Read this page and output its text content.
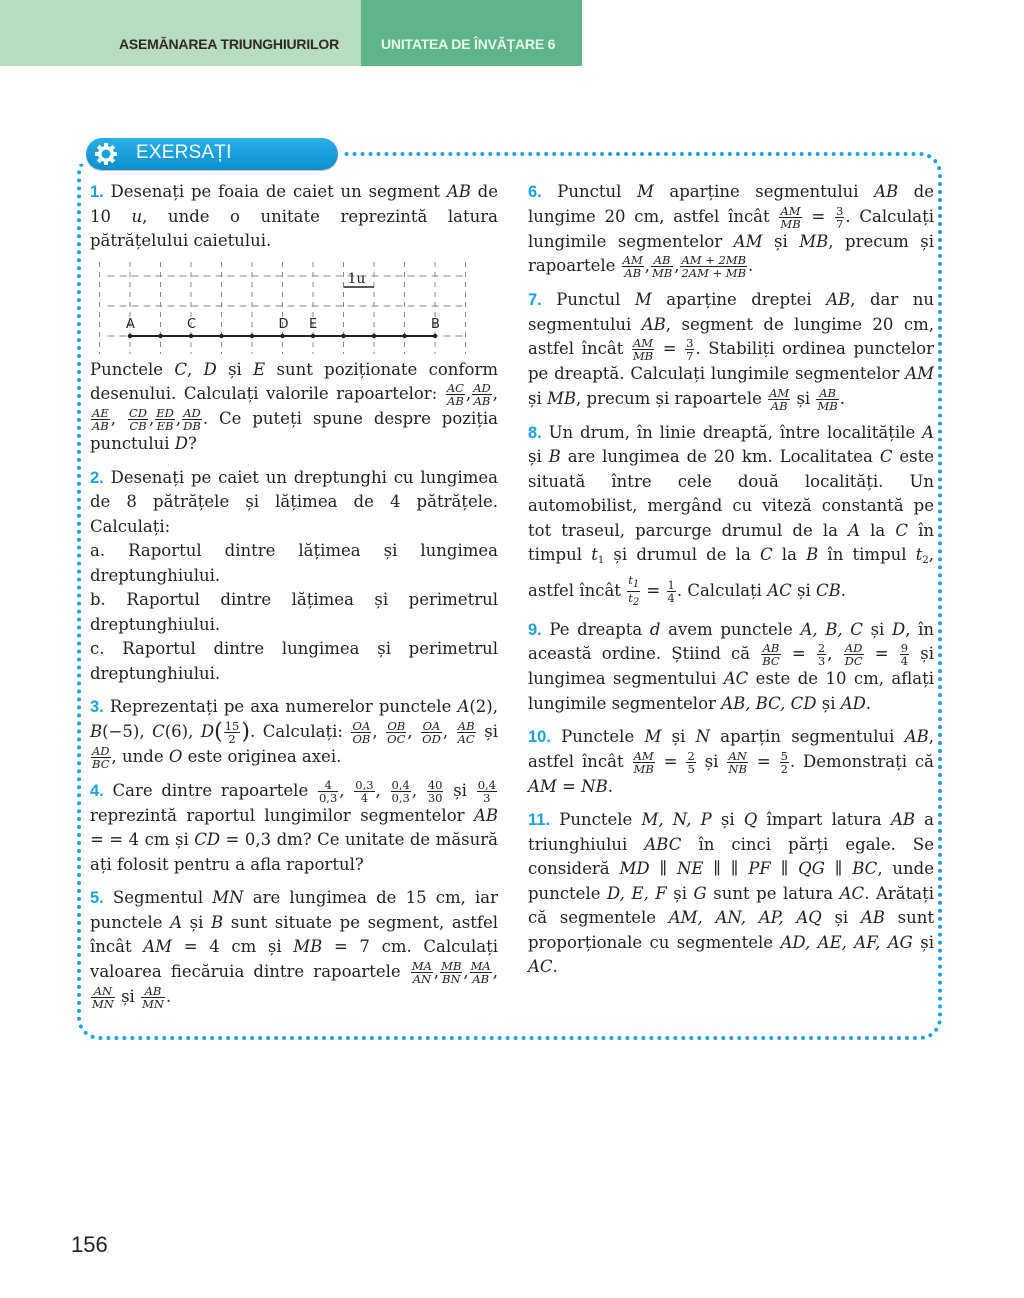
ASEMĂNAREA TRIUNGHIURILOR	UNITATEA DE ÎNVĂȚARE 6
EXERSAȚI
1. Desenați pe foaia de caiet un segment AB de 10 u, unde o unitate reprezintă latura pătrățelului caietului.
1u
A	C	D E	B
Punctele C, D și E sunt poziționate conform desenului. Calculați valorile rapoartelor: $\frac{AC}{AB}$ , $\frac{AD}{AB}$ ,
$\frac{AE}{AB}$ , $\frac{CD}{CB}$ , $\frac{ED}{EB}$ , $\frac{AD}{DB}$ . Ce puteți spune despre poziția punctului D?
2. Desenați pe caiet un dreptunghi cu lungimea de 8 pătrățele și lățimea de 4 pătrățele. Calculați:
a. Raportul dintre lățimea și lungimea dreptunghiului.
b. Raportul dintre lățimea și perimetrul dreptunghiului.
c. Raportul dintre lungimea și perimetrul dreptunghiului.
3. Reprezentați pe axa numerelor punctele A(2), B(−5), C(6), $D( \frac{15}{2}$ ). Calculați: $\frac{OA}{OB}$ , $\frac{OB}{OC}$ , $\frac{OA}{OD}$ , $\frac{AB}{AC}$ și
$\frac{AD}{BC}$ , unde O este originea axei.
4. Care dintre rapoartele $\frac{4}{0,3}$ , $\frac{0,3}{4}$ , $\frac{0,4}{0,3}$ , $\frac{40}{30}$ și $\frac{0,4}{3}$
reprezintă raportul lungimilor segmentelor AB = = 4 cm și CD = 0,3 dm? Ce unitate de măsură ați folosit pentru a afla raportul?
5. Segmentul MN are lungimea de 15 cm, iar punctele A și B sunt situate pe segment, astfel încât AM = 4 cm și MB = 7 cm. Calculați valoarea fiecăruia dintre rapoartele $\frac{MA}{AN}$ , $\frac{MB}{BN}$ , $\frac{MA}{AB}$ ,
$\frac{AN}{MN}$ și $\frac{AB}{MN}$ .
6. Punctul M aparține segmentului AB de lungime 20 cm, astfel încât $\frac{AM}{MB} = \frac{3}{7}$ . Calculați lungimile segmentelor AM și MB, precum și rapoartele $\frac{AM}{AB}$ , $\frac{AB}{MB}$ , $\frac{AM + 2MB}{2AM + MB}$ .
7. Punctul M aparține dreptei AB, dar nu segmentului AB, segment de lungime 20 cm, astfel încât $\frac{AM}{MB} = \frac{3}{7}$ . Stabiliți ordinea punctelor pe dreaptă. Calculați lungimile segmentelor AM și MB, precum și rapoartele $\frac{AM}{AB}$ și $\frac{AB}{MB}$ .
8. Un drum, în linie dreaptă, între localitățile A și B are lungimea de 20 km. Localitatea C este situată între cele două localități. Un automobilist, mergând cu viteză constantă pe tot traseul, parcurge drumul de la A la C în timpul $t_1$ și drumul de la C la B în timpul $t_2$, astfel încât $\frac{t1}{t2} = \frac{1}{4}$ . Calculați AC și CB.
9. Pe dreapta d avem punctele A, B, C și D, în această ordine. Știind că $\frac{AB}{BC} = \frac{2}{3}$ , $\frac{AD}{DC} = \frac{9}{4}$ și lungimea segmentului AC este de 10 cm, aflați lungimile segmentelor AB, BC, CD și AD.
10. Punctele M și N aparțin segmentului AB, astfel încât $\frac{AM}{MB} = \frac{2}{5}$ și $\frac{AN}{NB} = \frac{5}{2}$ . Demonstrați că AM = NB.
11. Punctele M, N, P și Q împart latura AB a triunghiului ABC în cinci părți egale. Se consideră MD ∥ NE ∥ ∥ PF ∥ QG ∥ BC, unde punctele D, E, F și G sunt pe latura AC. Arătați că segmentele AM, AN, AP, AQ și AB sunt proporționale cu segmentele AD, AE, AF, AG și AC.
156
